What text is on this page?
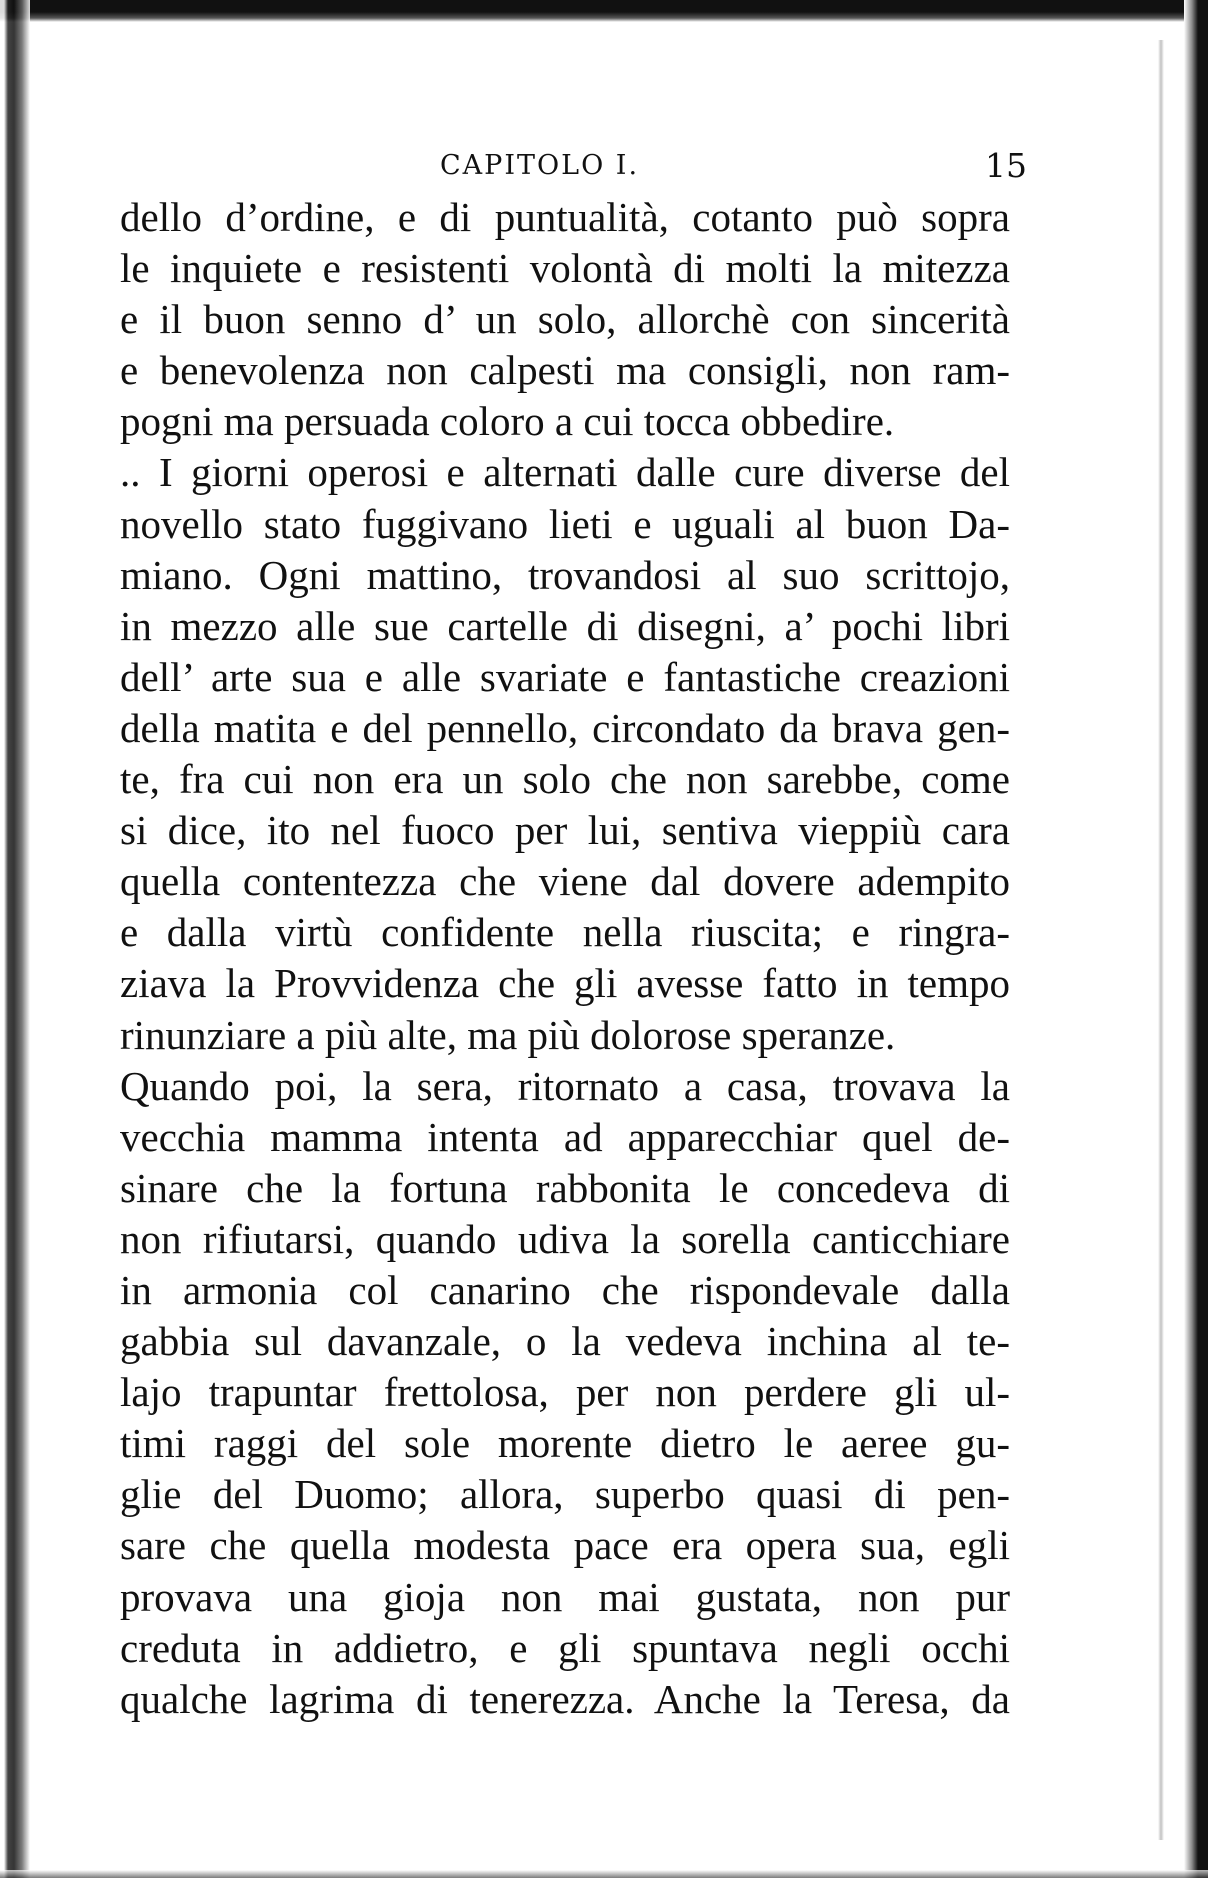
CAPITOLO I.	15
dello d’ordine, e di puntualità, cotanto può sopra
le inquiete e resistenti volontà di molti la mitezza
e il buon senno d’ un solo, allorchè con sincerità
e benevolenza non calpesti ma consigli, non ram-
pogni ma persuada coloro a cui tocca obbedire.
.. I giorni operosi e alternati dalle cure diverse del
novello stato fuggivano lieti e uguali al buon Da-
miano. Ogni mattino, trovandosi al suo scrittojo,
in mezzo alle sue cartelle di disegni, a’ pochi libri
dell’ arte sua e alle svariate e fantastiche creazioni
della matita e del pennello, circondato da brava gen-
te, fra cui non era un solo che non sarebbe, come
si dice, ito nel fuoco per lui, sentiva vieppiù cara
quella contentezza che viene dal dovere adempito
e dalla virtù confidente nella riuscita; e ringra-
ziava la Provvidenza che gli avesse fatto in tempo
rinunziare a più alte, ma più dolorose speranze.
Quando poi, la sera, ritornato a casa, trovava la
vecchia mamma intenta ad apparecchiar quel de-
sinare che la fortuna rabbonita le concedeva di
non rifiutarsi, quando udiva la sorella canticchiare
in armonia col canarino che rispondevale dalla
gabbia sul davanzale, o la vedeva inchina al te-
lajo trapuntar frettolosa, per non perdere gli ul-
timi raggi del sole morente dietro le aeree gu-
glie del Duomo; allora, superbo quasi di pen-
sare che quella modesta pace era opera sua, egli
provava una gioja non mai gustata, non pur
creduta in addietro, e gli spuntava negli occhi
qualche lagrima di tenerezza. Anche la Teresa, da
